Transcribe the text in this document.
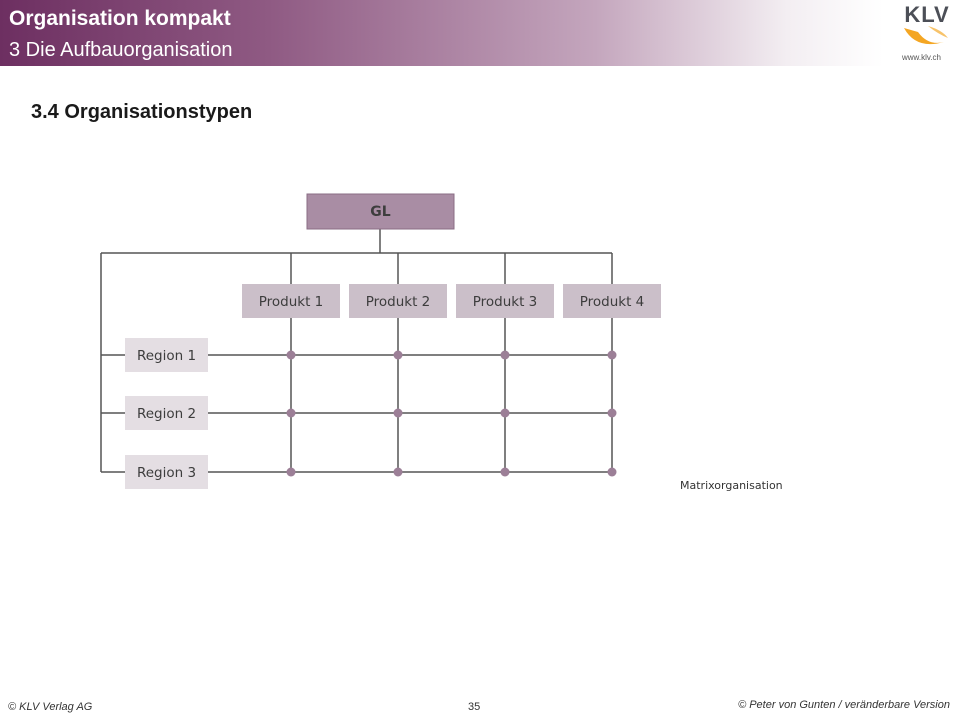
Organisation kompakt
3 Die Aufbauorganisation
KLV
www.klv.ch
3.4 Organisationstypen
GL
Produkt 1	Produkt 2	Produkt 3	Produkt 4
Region 1
Region 2
Region 3
Matrixorganisation
© KLV Verlag AG	35	© Peter von Gunten / veränderbare Version
